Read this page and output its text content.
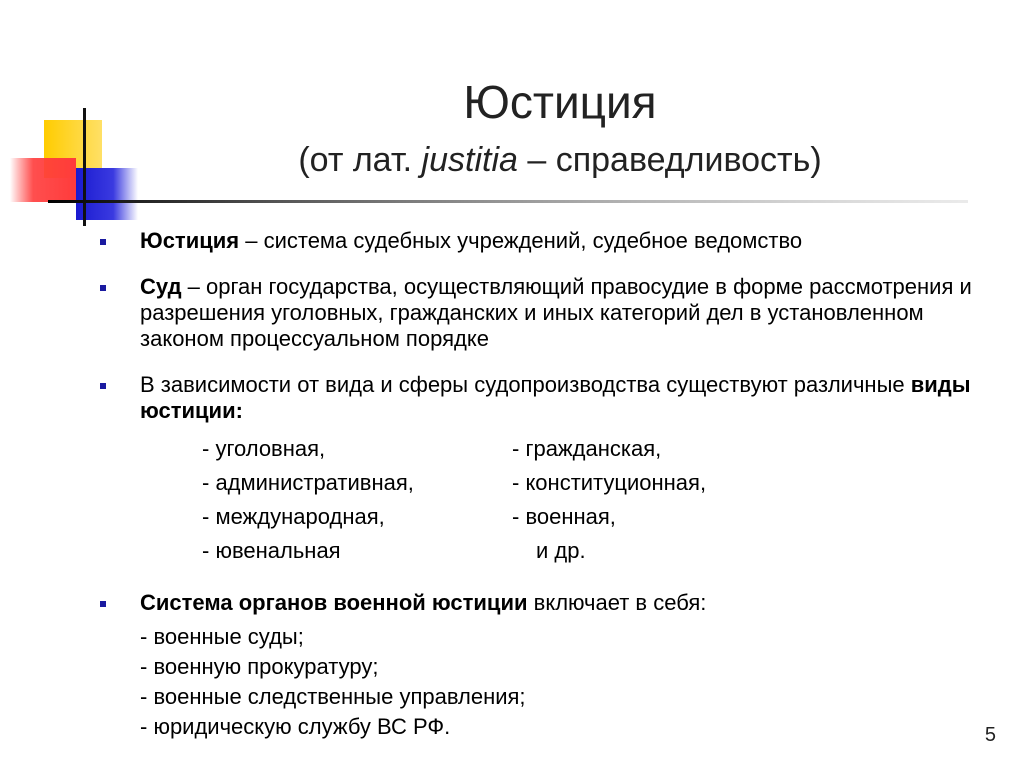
Юстиция
(от лат. justitia – справедливость)
Юстиция – система судебных учреждений, судебное ведомство
Суд – орган государства, осуществляющий правосудие в форме рассмотрения и разрешения уголовных, гражданских и иных категорий дел в установленном законом процессуальном порядке
В зависимости от вида и сферы судопроизводства существуют различные виды юстиции:
- уголовная,	- гражданская,
- административная,	- конституционная,
- международная,	- военная,
- ювенальная	и др.
Система органов военной юстиции включает в себя:
- военные суды;
- военную прокуратуру;
- военные следственные управления;
- юридическую службу ВС РФ.	5
